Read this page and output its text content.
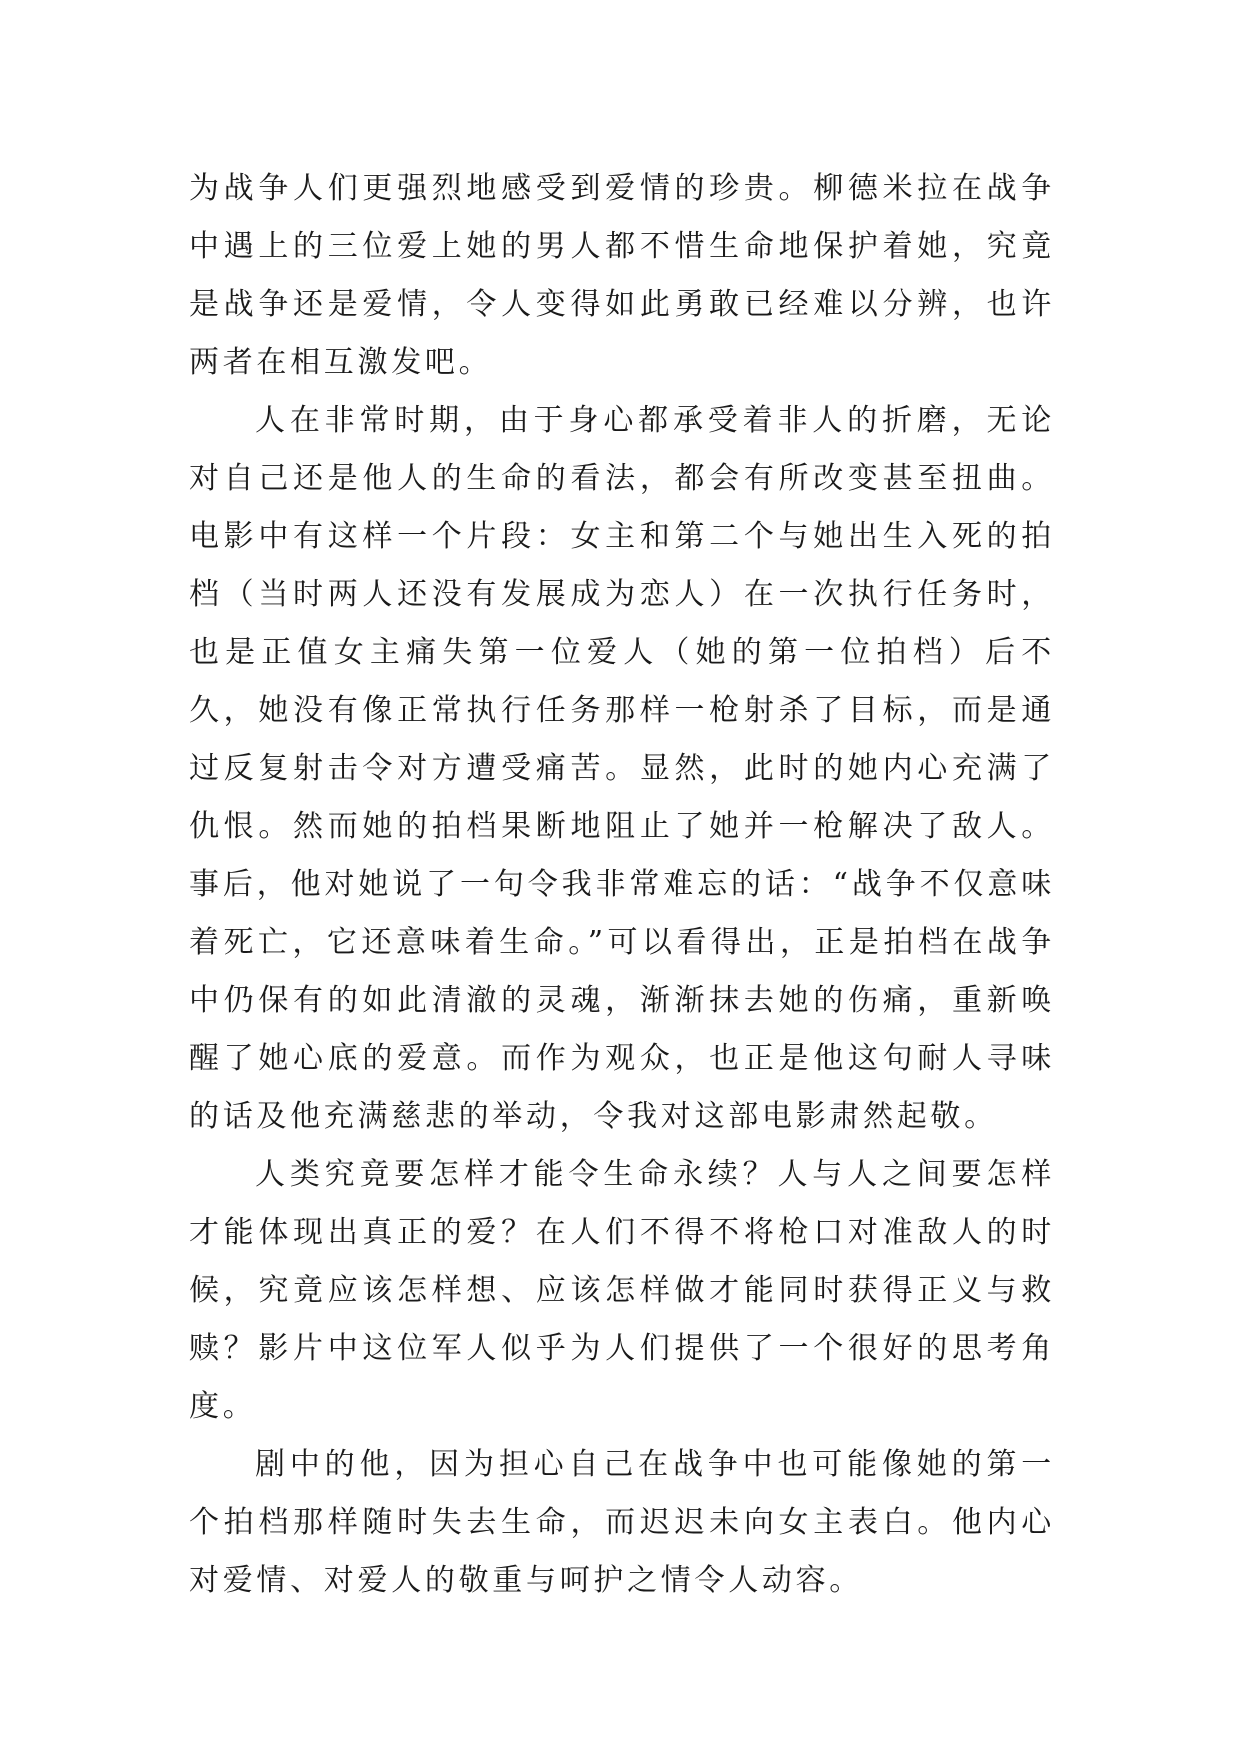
为战争人们更强烈地感受到爱情的珍贵。柳德米拉在战争中遇上的三位爱上她的男人都不惜生命地保护着她，究竟是战争还是爱情，令人变得如此勇敢已经难以分辨，也许两者在相互激发吧。

人在非常时期，由于身心都承受着非人的折磨，无论对自己还是他人的生命的看法，都会有所改变甚至扭曲。电影中有这样一个片段：女主和第二个与她出生入死的拍档（当时两人还没有发展成为恋人）在一次执行任务时，也是正值女主痛失第一位爱人（她的第一位拍档）后不久，她没有像正常执行任务那样一枪射杀了目标，而是通过反复射击令对方遭受痛苦。显然，此时的她内心充满了仇恨。然而她的拍档果断地阻止了她并一枪解决了敌人。事后，他对她说了一句令我非常难忘的话：“战争不仅意味着死亡，它还意味着生命。”可以看得出，正是拍档在战争中仍保有的如此清澈的灵魂，渐渐抹去她的伤痛，重新唤醒了她心底的爱意。而作为观众，也正是他这句耐人寻味的话及他充满慈悲的举动，令我对这部电影肃然起敬。

人类究竟要怎样才能令生命永续？人与人之间要怎样才能体现出真正的爱？在人们不得不将枪口对准敌人的时候，究竟应该怎样想、应该怎样做才能同时获得正义与救赎？影片中这位军人似乎为人们提供了一个很好的思考角度。

剧中的他，因为担心自己在战争中也可能像她的第一个拍档那样随时失去生命，而迟迟未向女主表白。他内心对爱情、对爱人的敬重与呵护之情令人动容。
